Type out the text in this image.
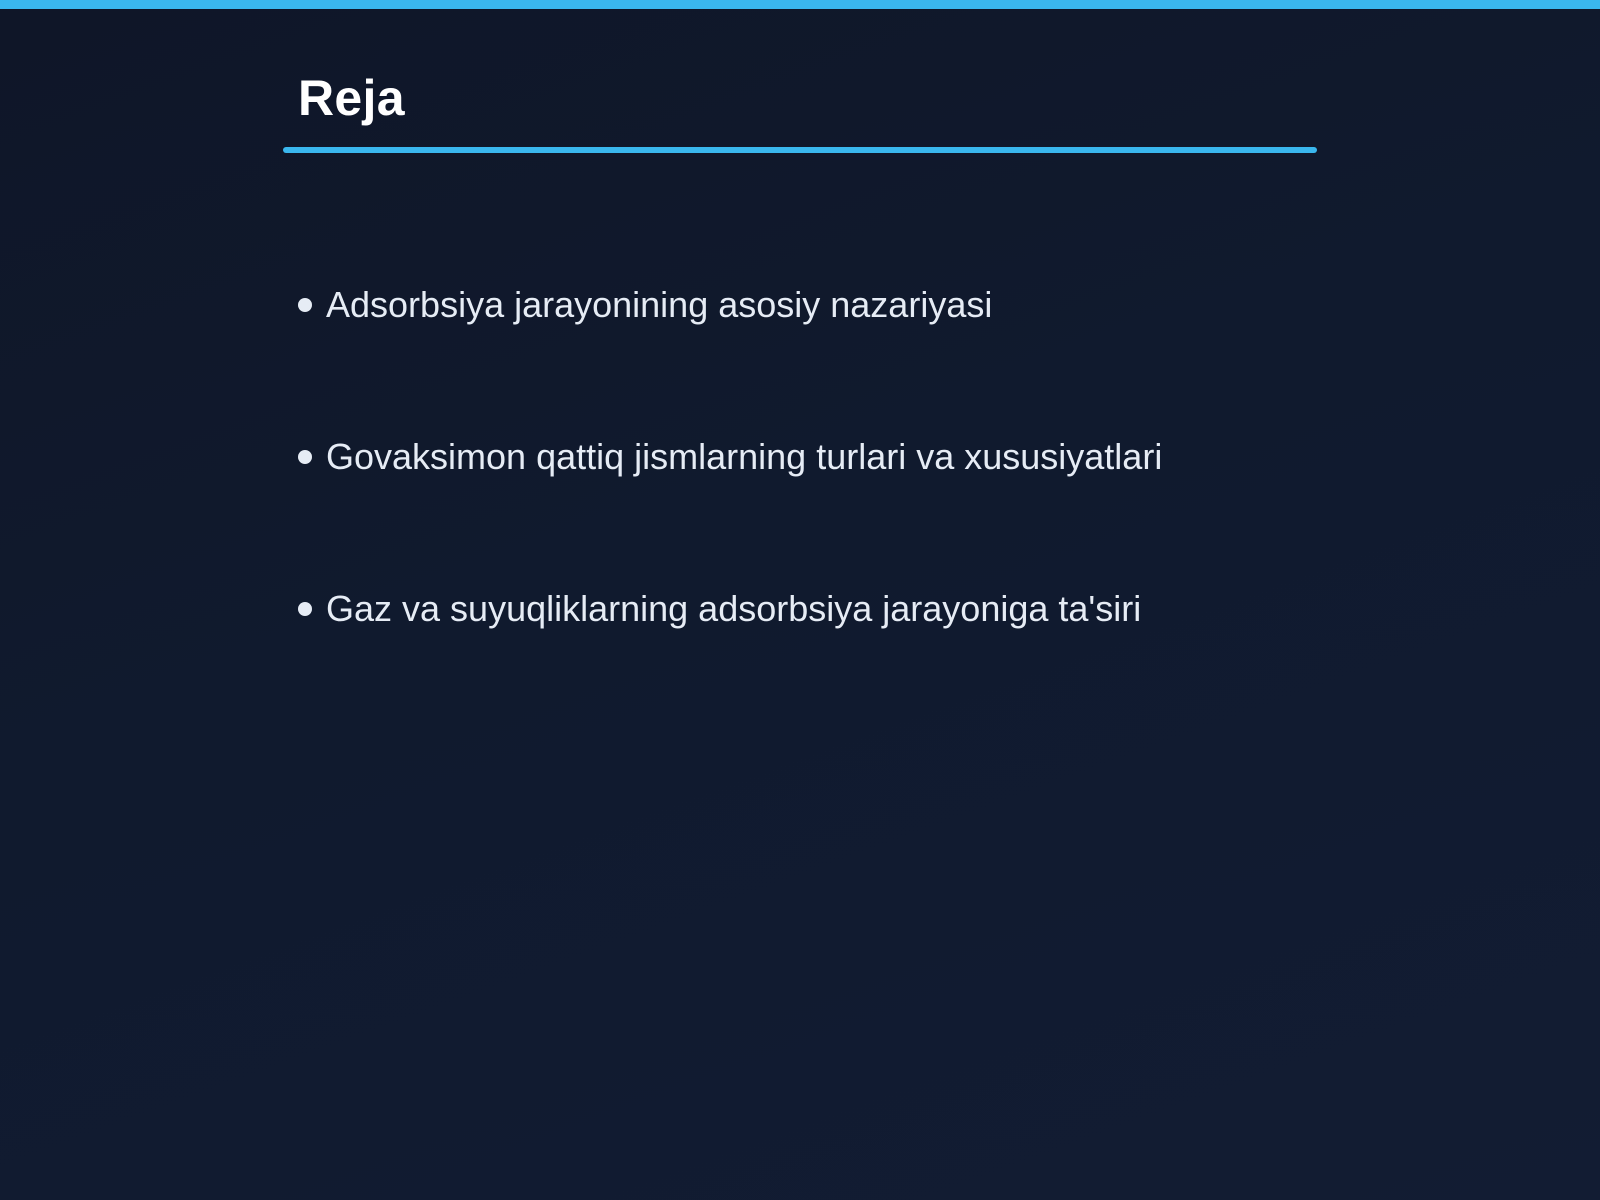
Reja
Adsorbsiya jarayonining asosiy nazariyasi
Govaksimon qattiq jismlarning turlari va xususiyatlari
Gaz va suyuqliklarning adsorbsiya jarayoniga ta'siri
